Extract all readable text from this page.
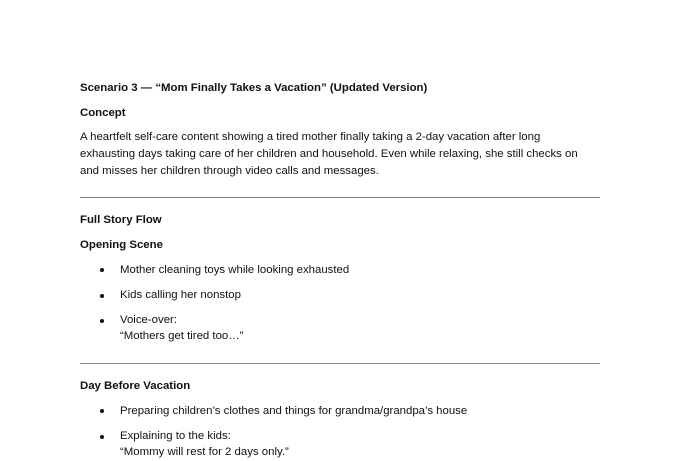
Scenario 3 — “Mom Finally Takes a Vacation” (Updated Version)

Concept

A heartfelt self-care content showing a tired mother finally taking a 2-day vacation after long

exhausting days taking care of her children and household. Even while relaxing, she still checks on

and misses her children through video calls and messages.

Full Story Flow

Opening Scene

Mother cleaning toys while looking exhausted

Kids calling her nonstop

Voice-over:

“Mothers get tired too…”

Day Before Vacation

Preparing children’s clothes and things for grandma/grandpa’s house

Explaining to the kids:

“Mommy will rest for 2 days only.”
